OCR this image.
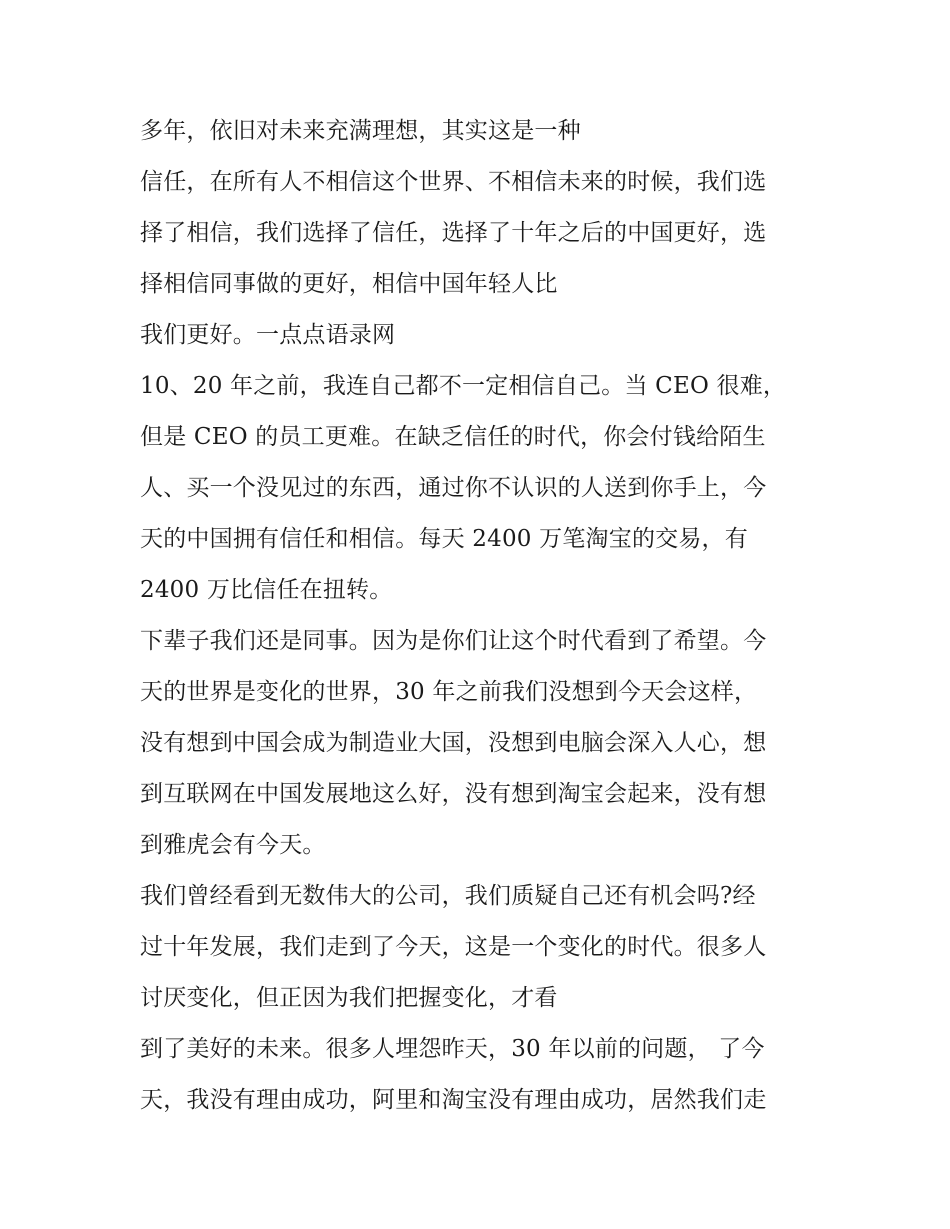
多年，依旧对未来充满理想，其实这是一种
信任，在所有人不相信这个世界、不相信未来的时候，我们选
择了相信，我们选择了信任，选择了十年之后的中国更好，选
择相信同事做的更好，相信中国年轻人比
我们更好。一点点语录网
10、20 年之前，我连自己都不一定相信自己。当 CEO 很难，
但是 CEO 的员工更难。在缺乏信任的时代，你会付钱给陌生
人、买一个没见过的东西，通过你不认识的人送到你手上，今
天的中国拥有信任和相信。每天 2400 万笔淘宝的交易，有
2400 万比信任在扭转。
下辈子我们还是同事。因为是你们让这个时代看到了希望。今
天的世界是变化的世界，30 年之前我们没想到今天会这样，
没有想到中国会成为制造业大国，没想到电脑会深入人心，想
到互联网在中国发展地这么好，没有想到淘宝会起来，没有想
到雅虎会有今天。
我们曾经看到无数伟大的公司，我们质疑自己还有机会吗?经
过十年发展，我们走到了今天，这是一个变化的时代。很多人
讨厌变化，但正因为我们把握变化，才看
到了美好的未来。很多人埋怨昨天，30 年以前的问题， 了今
天，我没有理由成功，阿里和淘宝没有理由成功，居然我们走
